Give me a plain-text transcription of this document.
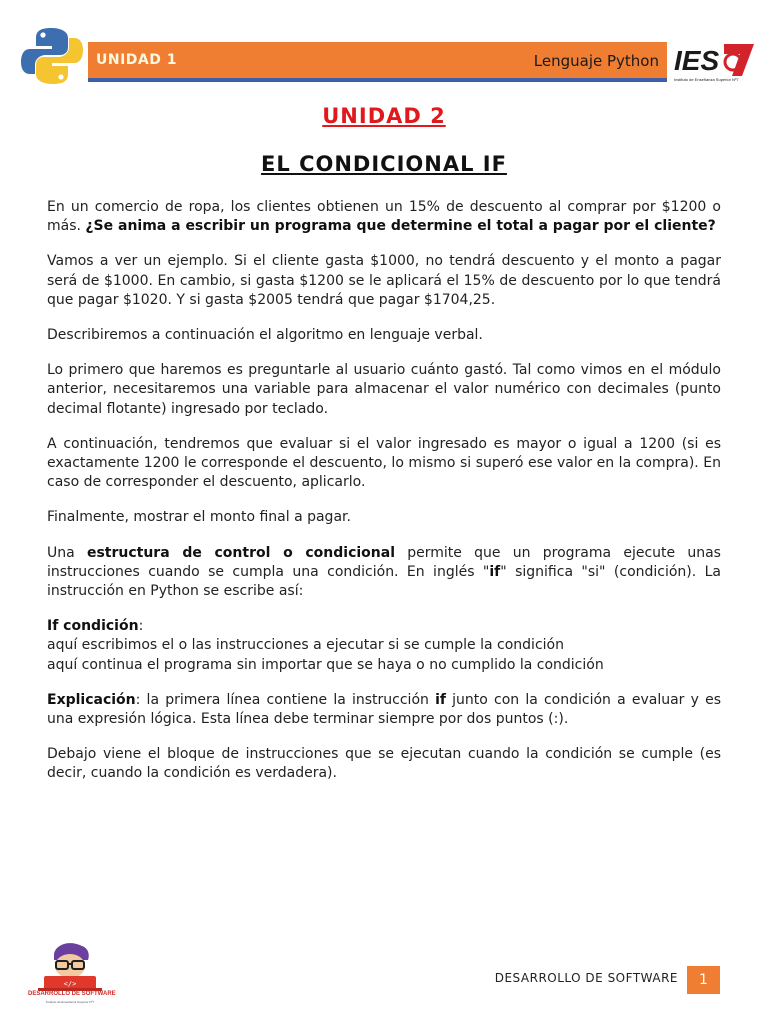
UNIDAD 1	Lenguaje Python IES
Instituto de Enseñanza Superior Nº7
UNIDAD 2
EL CONDICIONAL IF

En un comercio de ropa, los clientes obtienen un 15% de descuento al comprar por $1200 o más. ¿Se anima a escribir un programa que determine el total a pagar por el cliente?

Vamos a ver un ejemplo. Si el cliente gasta $1000, no tendrá descuento y el monto a pagar será de $1000. En cambio, si gasta $1200 se le aplicará el 15% de descuento por lo que tendrá que pagar $1020. Y si gasta $2005 tendrá que pagar $1704,25.

Describiremos a continuación el algoritmo en lenguaje verbal.

Lo primero que haremos es preguntarle al usuario cuánto gastó. Tal como vimos en el módulo anterior, necesitaremos una variable para almacenar el valor numérico con decimales (punto decimal flotante) ingresado por teclado.

A continuación, tendremos que evaluar si el valor ingresado es mayor o igual a 1200 (si es exactamente 1200 le corresponde el descuento, lo mismo si superó ese valor en la compra). En caso de corresponder el descuento, aplicarlo.

Finalmente, mostrar el monto final a pagar.

Una estructura de control o condicional permite que un programa ejecute unas instrucciones cuando se cumpla una condición. En inglés "if" significa "si" (condición). La instrucción en Python se escribe así:

If condición:
aquí escribimos el o las instrucciones a ejecutar si se cumple la condición
aquí continua el programa sin importar que se haya o no cumplido la condición

Explicación: la primera línea contiene la instrucción if junto con la condición a evaluar y es una expresión lógica. Esta línea debe terminar siempre por dos puntos (:).

Debajo viene el bloque de instrucciones que se ejecutan cuando la condición se cumple (es decir, cuando la condición es verdadera).

</>
DESARROLLO DE SOFTWARE
Instituto de Enseñanza Superior Nº7
DESARROLLO DE SOFTWARE	1
